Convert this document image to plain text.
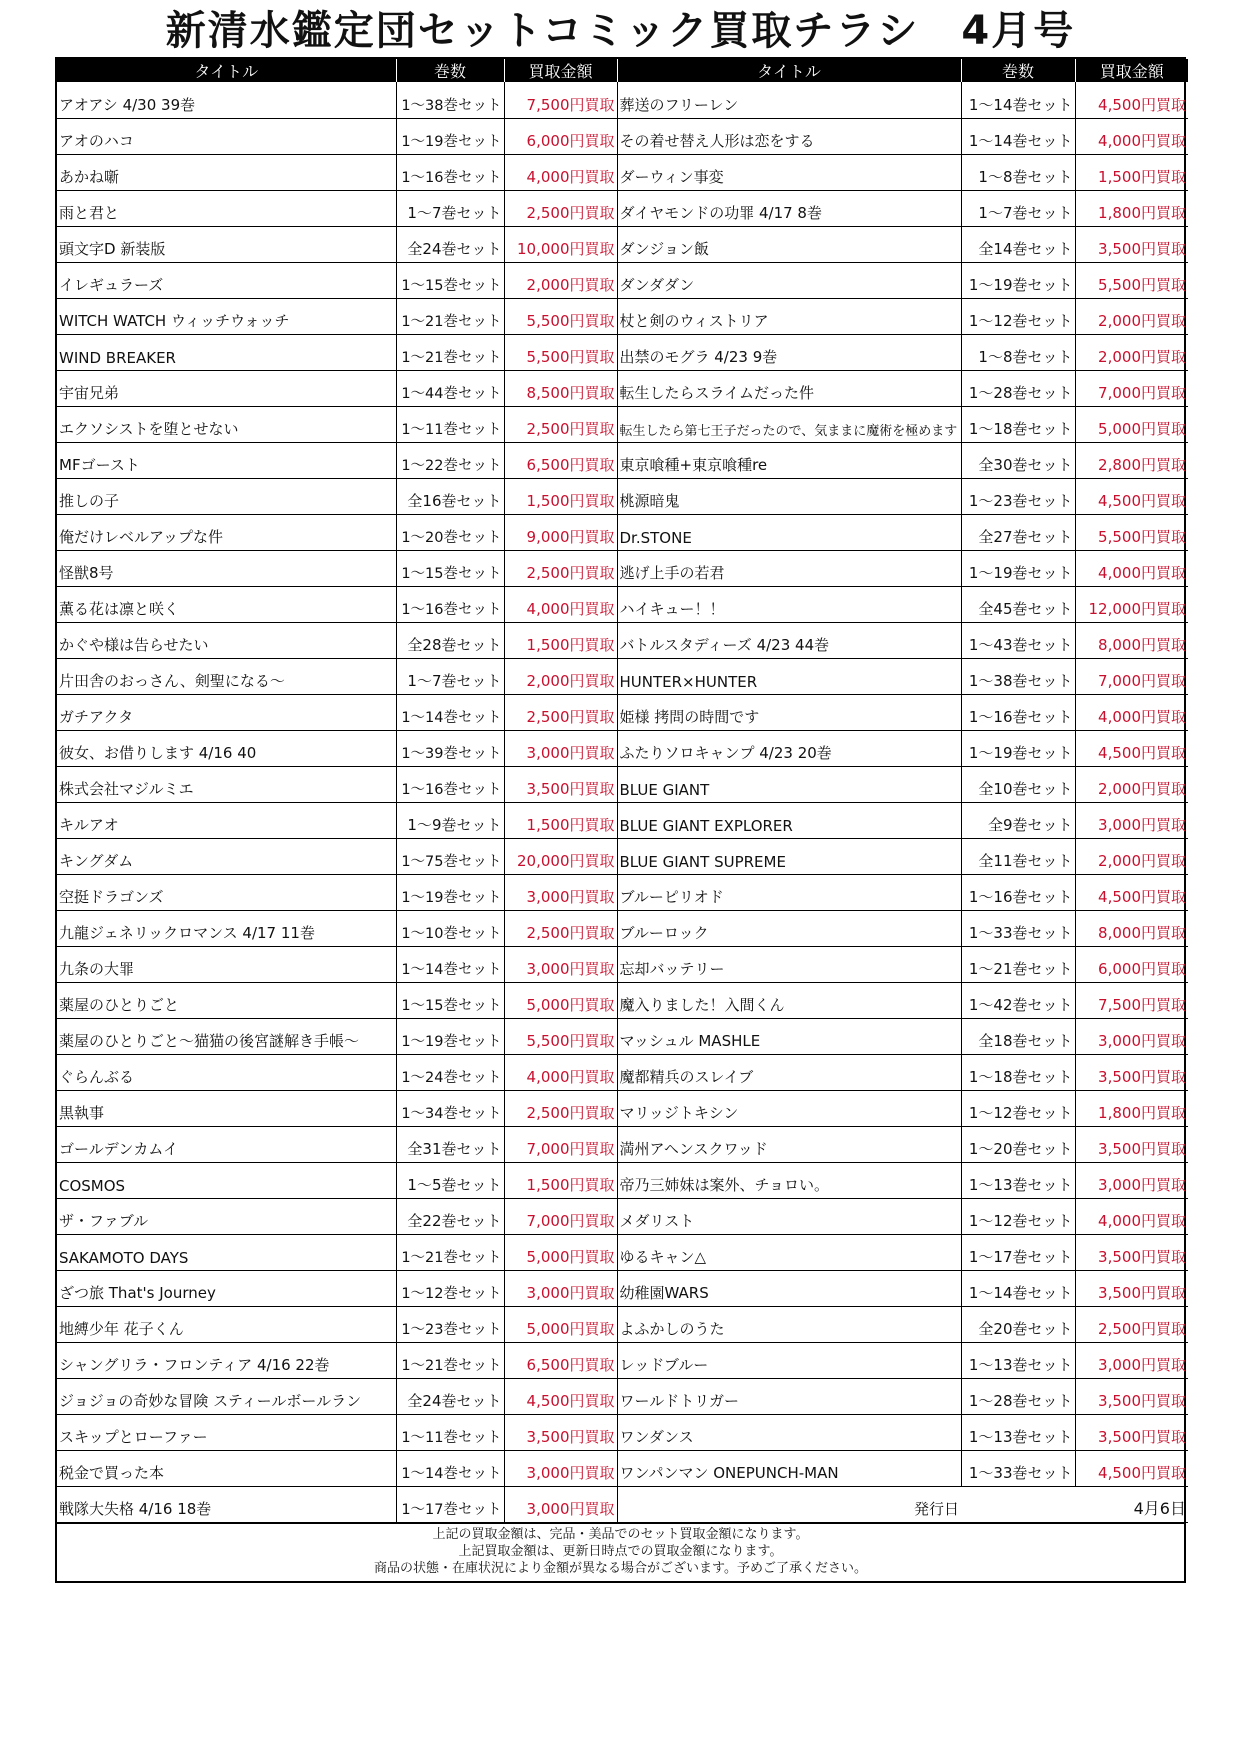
新清水鑑定団セットコミック買取チラシ　4月号
タイトル	巻数	買取金額	タイトル	巻数	買取金額
アオアシ 4/30 39巻	1～38巻セット	7,500円買取	葬送のフリーレン	1～14巻セット	4,500円買取
アオのハコ	1～19巻セット	6,000円買取	その着せ替え人形は恋をする	1～14巻セット	4,000円買取
あかね噺	1～16巻セット	4,000円買取	ダーウィン事変	1～8巻セット	1,500円買取
雨と君と	1～7巻セット	2,500円買取	ダイヤモンドの功罪 4/17 8巻	1～7巻セット	1,800円買取
頭文字D 新装版	全24巻セット	10,000円買取	ダンジョン飯	全14巻セット	3,500円買取
イレギュラーズ	1～15巻セット	2,000円買取	ダンダダン	1～19巻セット	5,500円買取
WITCH WATCH ウィッチウォッチ	1～21巻セット	5,500円買取	杖と剣のウィストリア	1～12巻セット	2,000円買取
WIND BREAKER	1～21巻セット	5,500円買取	出禁のモグラ 4/23 9巻	1～8巻セット	2,000円買取
宇宙兄弟	1～44巻セット	8,500円買取	転生したらスライムだった件	1～28巻セット	7,000円買取
エクソシストを堕とせない	1～11巻セット	2,500円買取	転生したら第七王子だったので、気ままに魔術を極めます	1～18巻セット	5,000円買取
MFゴースト	1～22巻セット	6,500円買取	東京喰種+東京喰種re	全30巻セット	2,800円買取
推しの子	全16巻セット	1,500円買取	桃源暗鬼	1～23巻セット	4,500円買取
俺だけレベルアップな件	1～20巻セット	9,000円買取	Dr.STONE	全27巻セット	5,500円買取
怪獣8号	1～15巻セット	2,500円買取	逃げ上手の若君	1～19巻セット	4,000円買取
薫る花は凛と咲く	1～16巻セット	4,000円買取	ハイキュー！！	全45巻セット	12,000円買取
かぐや様は告らせたい	全28巻セット	1,500円買取	バトルスタディーズ 4/23 44巻	1～43巻セット	8,000円買取
片田舎のおっさん、剣聖になる～	1～7巻セット	2,000円買取	HUNTER×HUNTER	1～38巻セット	7,000円買取
ガチアクタ	1～14巻セット	2,500円買取	姫様 拷問の時間です	1～16巻セット	4,000円買取
彼女、お借りします 4/16 40	1～39巻セット	3,000円買取	ふたりソロキャンプ 4/23 20巻	1～19巻セット	4,500円買取
株式会社マジルミエ	1～16巻セット	3,500円買取	BLUE GIANT	全10巻セット	2,000円買取
キルアオ	1～9巻セット	1,500円買取	BLUE GIANT EXPLORER	全9巻セット	3,000円買取
キングダム	1～75巻セット	20,000円買取	BLUE GIANT SUPREME	全11巻セット	2,000円買取
空挺ドラゴンズ	1～19巻セット	3,000円買取	ブルーピリオド	1～16巻セット	4,500円買取
九龍ジェネリックロマンス 4/17 11巻	1～10巻セット	2,500円買取	ブルーロック	1～33巻セット	8,000円買取
九条の大罪	1～14巻セット	3,000円買取	忘却バッテリー	1～21巻セット	6,000円買取
薬屋のひとりごと	1～15巻セット	5,000円買取	魔入りました！入間くん	1～42巻セット	7,500円買取
薬屋のひとりごと～猫猫の後宮謎解き手帳～	1～19巻セット	5,500円買取	マッシュル MASHLE	全18巻セット	3,000円買取
ぐらんぶる	1～24巻セット	4,000円買取	魔都精兵のスレイブ	1～18巻セット	3,500円買取
黒執事	1～34巻セット	2,500円買取	マリッジトキシン	1～12巻セット	1,800円買取
ゴールデンカムイ	全31巻セット	7,000円買取	満州アヘンスクワッド	1～20巻セット	3,500円買取
COSMOS	1～5巻セット	1,500円買取	帝乃三姉妹は案外、チョロい。	1～13巻セット	3,000円買取
ザ・ファブル	全22巻セット	7,000円買取	メダリスト	1～12巻セット	4,000円買取
SAKAMOTO DAYS	1～21巻セット	5,000円買取	ゆるキャン△	1～17巻セット	3,500円買取
ざつ旅 That's Journey	1～12巻セット	3,000円買取	幼稚園WARS	1～14巻セット	3,500円買取
地縛少年 花子くん	1～23巻セット	5,000円買取	よふかしのうた	全20巻セット	2,500円買取
シャングリラ・フロンティア 4/16 22巻	1～21巻セット	6,500円買取	レッドブルー	1～13巻セット	3,000円買取
ジョジョの奇妙な冒険 スティールボールラン	全24巻セット	4,500円買取	ワールドトリガー	1～28巻セット	3,500円買取
スキップとローファー	1～11巻セット	3,500円買取	ワンダンス	1～13巻セット	3,500円買取
税金で買った本	1～14巻セット	3,000円買取	ワンパンマン ONEPUNCH-MAN	1～33巻セット	4,500円買取
戦隊大失格 4/16 18巻	1～17巻セット	3,000円買取	発行日		4月6日
上記の買取金額は、完品・美品でのセット買取金額になります。
上記買取金額は、更新日時点での買取金額になります。
商品の状態・在庫状況により金額が異なる場合がございます。予めご了承ください。
